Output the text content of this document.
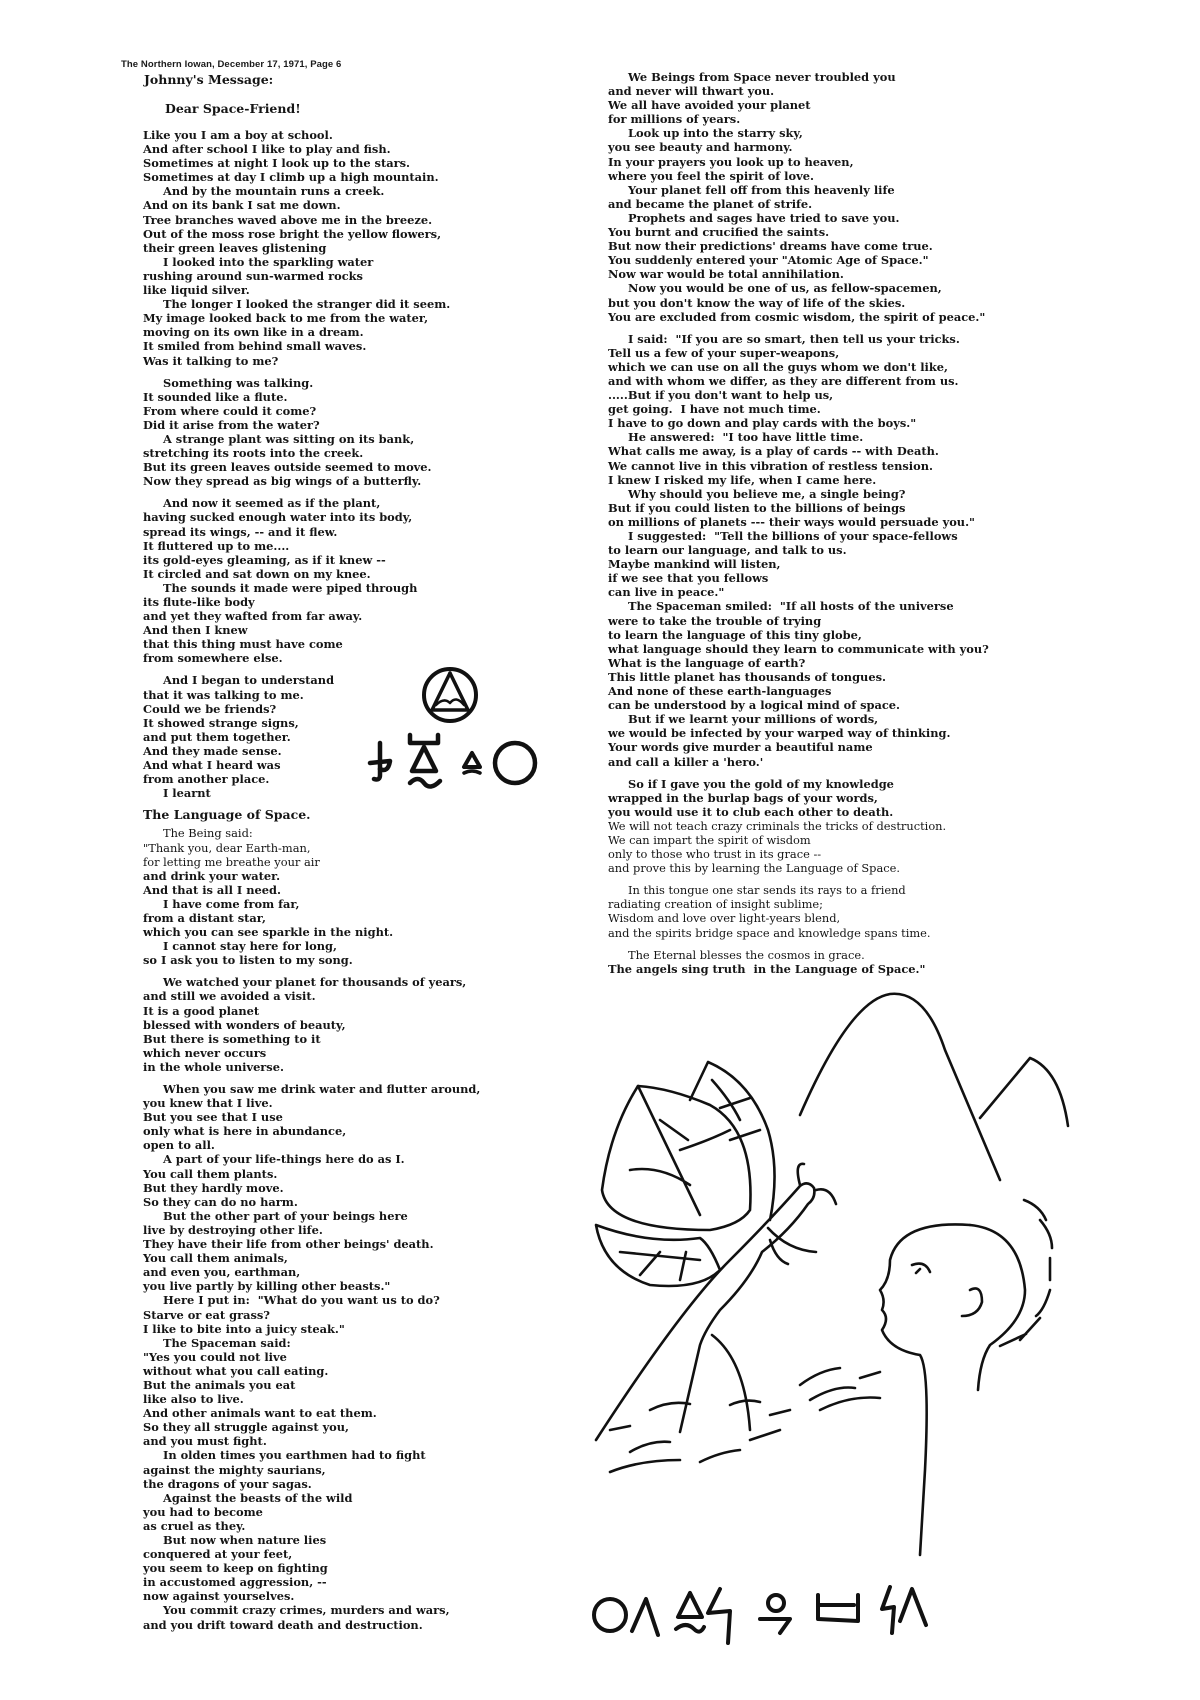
The Northern Iowan, December 17, 1971, Page 6
Johnny's Message:
Dear Space-Friend!
Like you I am a boy at school.
And after school I like to play and fish.
Sometimes at night I look up to the stars.
Sometimes at day I climb up a high mountain.
And by the mountain runs a creek.
And on its bank I sat me down.
Tree branches waved above me in the breeze.
Out of the moss rose bright the yellow flowers,
their green leaves glistening
I looked into the sparkling water
rushing around sun-warmed rocks
like liquid silver.
The longer I looked the stranger did it seem.
My image looked back to me from the water,
moving on its own like in a dream.
It smiled from behind small waves.
Was it talking to me?
Something was talking.
It sounded like a flute.
From where could it come?
Did it arise from the water?
A strange plant was sitting on its bank,
stretching its roots into the creek.
But its green leaves outside seemed to move.
Now they spread as big wings of a butterfly.
And now it seemed as if the plant,
having sucked enough water into its body,
spread its wings, -- and it flew.
It fluttered up to me....
its gold-eyes gleaming, as if it knew --
It circled and sat down on my knee.
The sounds it made were piped through
its flute-like body
and yet they wafted from far away.
And then I knew
that this thing must have come
from somewhere else.
And I began to understand
that it was talking to me.
Could we be friends?
It showed strange signs,
and put them together.
And they made sense.
And what I heard was
from another place.
I learnt
The Language of Space.
The Being said:
"Thank you, dear Earth-man,
for letting me breathe your air
and drink your water.
And that is all I need.
I have come from far,
from a distant star,
which you can see sparkle in the night.
I cannot stay here for long,
so I ask you to listen to my song.
We watched your planet for thousands of years,
and still we avoided a visit.
It is a good planet
blessed with wonders of beauty,
But there is something to it
which never occurs
in the whole universe.
When you saw me drink water and flutter around,
you knew that I live.
But you see that I use
only what is here in abundance,
open to all.
A part of your life-things here do as I.
You call them plants.
But they hardly move.
So they can do no harm.
But the other part of your beings here
live by destroying other life.
They have their life from other beings' death.
You call them animals,
and even you, earthman,
you live partly by killing other beasts."
Here I put in:  "What do you want us to do?
Starve or eat grass?
I like to bite into a juicy steak."
The Spaceman said:
"Yes you could not live
without what you call eating.
But the animals you eat
like also to live.
And other animals want to eat them.
So they all struggle against you,
and you must fight.
In olden times you earthmen had to fight
against the mighty saurians,
the dragons of your sagas.
Against the beasts of the wild
you had to become
as cruel as they.
But now when nature lies
conquered at your feet,
you seem to keep on fighting
in accustomed aggression, --
now against yourselves.
You commit crazy crimes, murders and wars,
and you drift toward death and destruction.
We Beings from Space never troubled you
and never will thwart you.
We all have avoided your planet
for millions of years.
Look up into the starry sky,
you see beauty and harmony.
In your prayers you look up to heaven,
where you feel the spirit of love.
Your planet fell off from this heavenly life
and became the planet of strife.
Prophets and sages have tried to save you.
You burnt and crucified the saints.
But now their predictions' dreams have come true.
You suddenly entered your "Atomic Age of Space."
Now war would be total annihilation.
Now you would be one of us, as fellow-spacemen,
but you don't know the way of life of the skies.
You are excluded from cosmic wisdom, the spirit of peace."
I said:  "If you are so smart, then tell us your tricks.
Tell us a few of your super-weapons,
which we can use on all the guys whom we don't like,
and with whom we differ, as they are different from us.
.....But if you don't want to help us,
get going.  I have not much time.
I have to go down and play cards with the boys."
He answered:  "I too have little time.
What calls me away, is a play of cards -- with Death.
We cannot live in this vibration of restless tension.
I knew I risked my life, when I came here.
Why should you believe me, a single being?
But if you could listen to the billions of beings
on millions of planets --- their ways would persuade you."
I suggested:  "Tell the billions of your space-fellows
to learn our language, and talk to us.
Maybe mankind will listen,
if we see that you fellows
can live in peace."
The Spaceman smiled:  "If all hosts of the universe
were to take the trouble of trying
to learn the language of this tiny globe,
what language should they learn to communicate with you?
What is the language of earth?
This little planet has thousands of tongues.
And none of these earth-languages
can be understood by a logical mind of space.
But if we learnt your millions of words,
we would be infected by your warped way of thinking.
Your words give murder a beautiful name
and call a killer a 'hero.'
So if I gave you the gold of my knowledge
wrapped in the burlap bags of your words,
you would use it to club each other to death.
We will not teach crazy criminals the tricks of destruction.
We can impart the spirit of wisdom
only to those who trust in its grace --
and prove this by learning the Language of Space.
In this tongue one star sends its rays to a friend
radiating creation of insight sublime;
Wisdom and love over light-years blend,
and the spirits bridge space and knowledge spans time.
The Eternal blesses the cosmos in grace.
The angels sing truth  in the Language of Space."
